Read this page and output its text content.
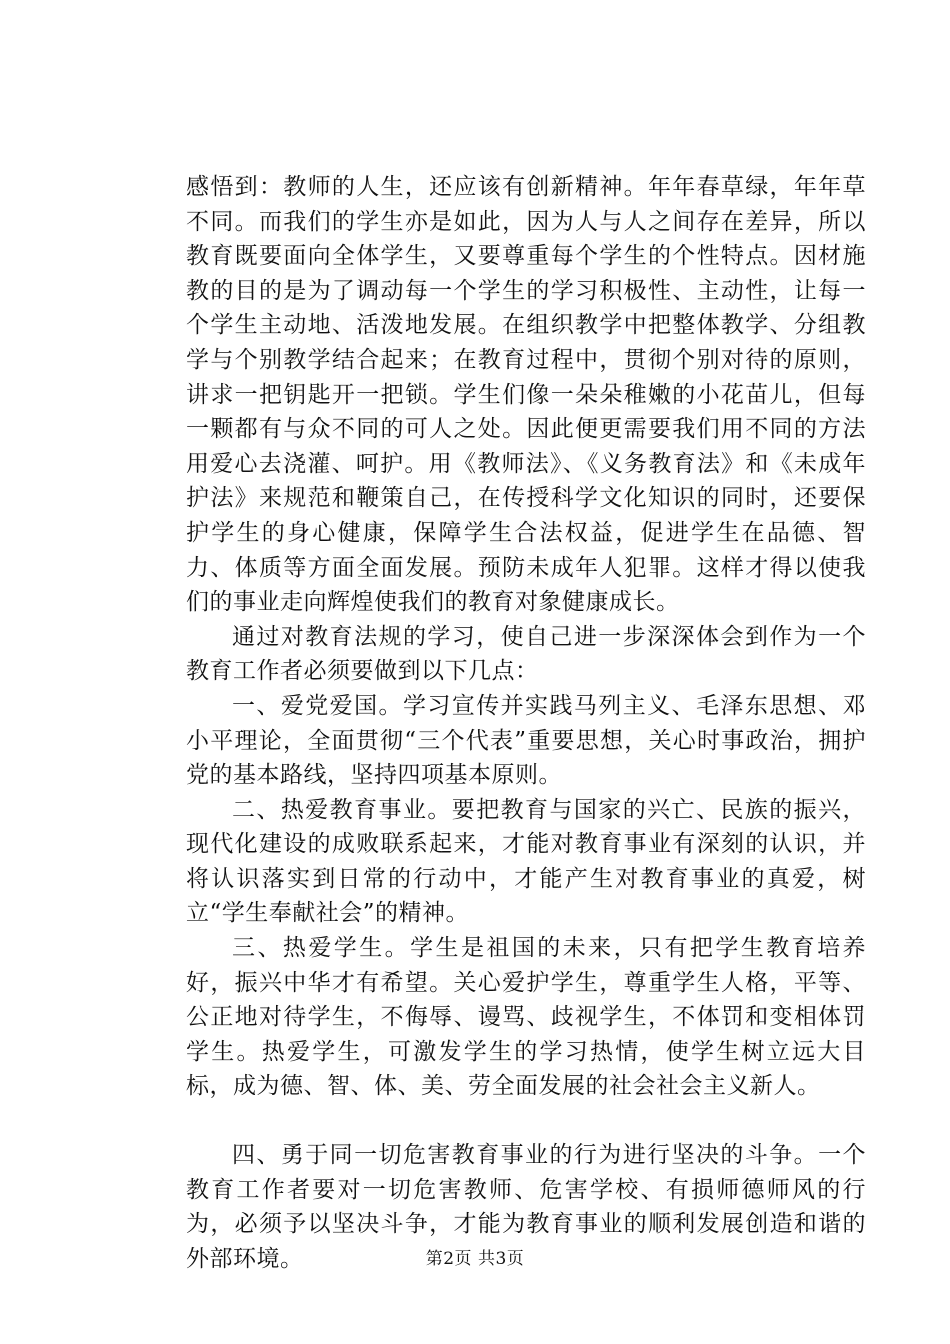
感悟到：教师的人生，还应该有创新精神。年年春草绿，年年草不同。而我们的学生亦是如此，因为人与人之间存在差异，所以教育既要面向全体学生，又要尊重每个学生的个性特点。因材施教的目的是为了调动每一个学生的学习积极性、主动性，让每一个学生主动地、活泼地发展。在组织教学中把整体教学、分组教学与个别教学结合起来；在教育过程中，贯彻个别对待的原则，讲求一把钥匙开一把锁。学生们像一朵朵稚嫩的小花苗儿，但每一颗都有与众不同的可人之处。因此便更需要我们用不同的方法用爱心去浇灌、呵护。用《教师法》、《义务教育法》和《未成年护法》来规范和鞭策自己，在传授科学文化知识的同时，还要保护学生的身心健康，保障学生合法权益，促进学生在品德、智力、体质等方面全面发展。预防未成年人犯罪。这样才得以使我们的事业走向辉煌使我们的教育对象健康成长。

通过对教育法规的学习，使自己进一步深深体会到作为一个教育工作者必须要做到以下几点：

一、爱党爱国。学习宣传并实践马列主义、毛泽东思想、邓小平理论，全面贯彻“三个代表”重要思想，关心时事政治，拥护党的基本路线，坚持四项基本原则。

二、热爱教育事业。要把教育与国家的兴亡、民族的振兴，现代化建设的成败联系起来，才能对教育事业有深刻的认识，并将认识落实到日常的行动中，才能产生对教育事业的真爱，树立“学生奉献社会”的精神。

三、热爱学生。学生是祖国的未来，只有把学生教育培养好，振兴中华才有希望。关心爱护学生，尊重学生人格，平等、公正地对待学生，不侮辱、谩骂、歧视学生，不体罚和变相体罚学生。热爱学生，可激发学生的学习热情，使学生树立远大目标，成为德、智、体、美、劳全面发展的社会社会主义新人。

四、勇于同一切危害教育事业的行为进行坚决的斗争。一个教育工作者要对一切危害教师、危害学校、有损师德师风的行为，必须予以坚决斗争，才能为教育事业的顺利发展创造和谐的外部环境。	第2页 共3页
